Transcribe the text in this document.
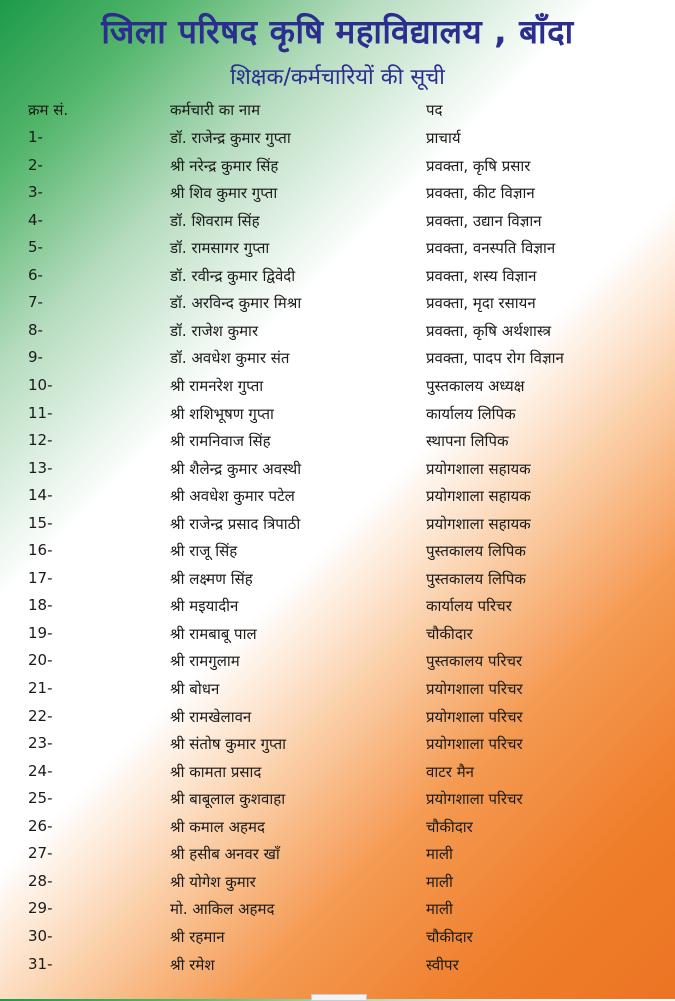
जिला परिषद कृषि महाविद्यालय , बाँदा
शिक्षक/कर्मचारियों की सूची
क्रम सं.	कर्मचारी का नाम	पद
1-	डॉ. राजेन्द्र कुमार गुप्ता	प्राचार्य
2-	श्री नरेन्द्र कुमार सिंह	प्रवक्ता, कृषि प्रसार
3-	श्री शिव कुमार गुप्ता	प्रवक्ता, कीट विज्ञान
4-	डॉ. शिवराम सिंह	प्रवक्ता, उद्यान विज्ञान
5-	डॉ. रामसागर गुप्ता	प्रवक्ता, वनस्पति विज्ञान
6-	डॉ. रवीन्द्र कुमार द्विवेदी	प्रवक्ता, शस्य विज्ञान
7-	डॉ. अरविन्द कुमार मिश्रा	प्रवक्ता, मृदा रसायन
8-	डॉ. राजेश कुमार	प्रवक्ता, कृषि अर्थशास्त्र
9-	डॉ. अवधेश कुमार संत	प्रवक्ता, पादप रोग विज्ञान
10-	श्री रामनरेश गुप्ता	पुस्तकालय अध्यक्ष
11-	श्री शशिभूषण गुप्ता	कार्यालय लिपिक
12-	श्री रामनिवाज सिंह	स्थापना लिपिक
13-	श्री शैलेन्द्र कुमार अवस्थी	प्रयोगशाला सहायक
14-	श्री अवधेश कुमार पटेल	प्रयोगशाला सहायक
15-	श्री राजेन्द्र प्रसाद त्रिपाठी	प्रयोगशाला सहायक
16-	श्री राजू सिंह	पुस्तकालय लिपिक
17-	श्री लक्ष्मण सिंह	पुस्तकालय लिपिक
18-	श्री मइयादीन	कार्यालय परिचर
19-	श्री रामबाबू पाल	चौकीदार
20-	श्री रामगुलाम	पुस्तकालय परिचर
21-	श्री बोधन	प्रयोगशाला परिचर
22-	श्री रामखेलावन	प्रयोगशाला परिचर
23-	श्री संतोष कुमार गुप्ता	प्रयोगशाला परिचर
24-	श्री कामता प्रसाद	वाटर मैन
25-	श्री बाबूलाल कुशवाहा	प्रयोगशाला परिचर
26-	श्री कमाल अहमद	चौकीदार
27-	श्री हसीब अनवर खाँ	माली
28-	श्री योगेश कुमार	माली
29-	मो. आकिल अहमद	माली
30-	श्री रहमान	चौकीदार
31-	श्री रमेश	स्वीपर
